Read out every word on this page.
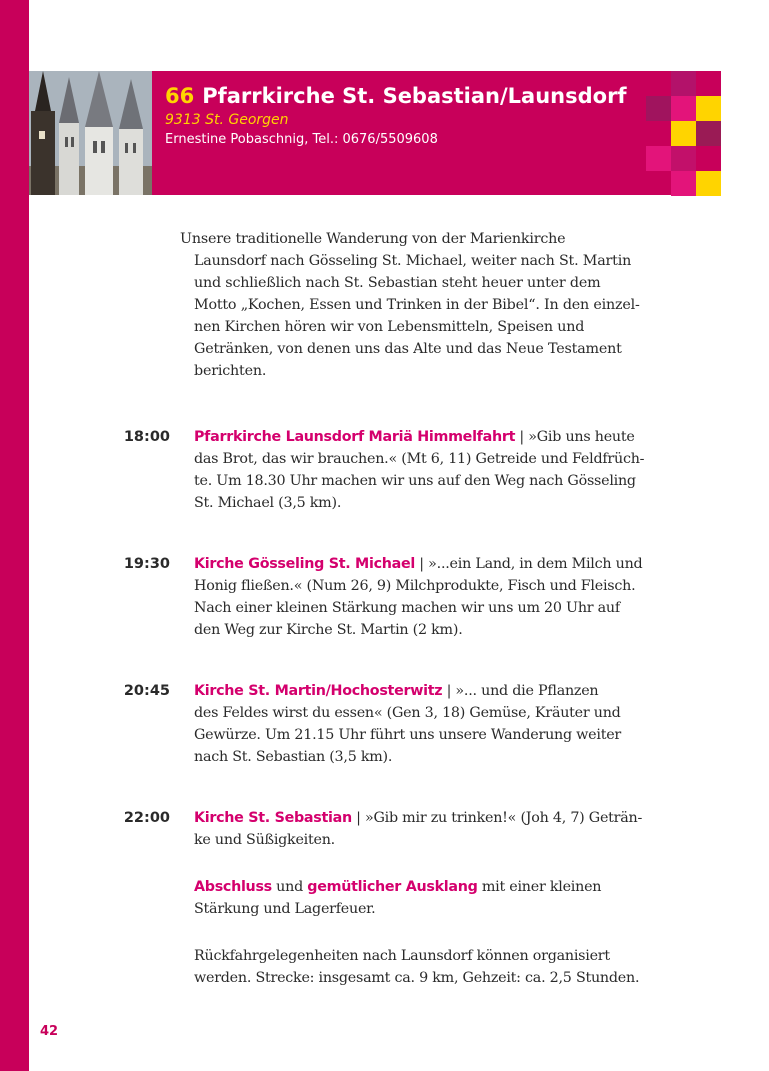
66 Pfarrkirche St. Sebastian/Launsdorf
9313 St. Georgen
Ernestine Pobaschnig, Tel.: 0676/5509608

Unsere traditionelle Wanderung von der Marienkirche
Launsdorf nach Gösseling St. Michael, weiter nach St. Martin
und schließlich nach St. Sebastian steht heuer unter dem
Motto „Kochen, Essen und Trinken in der Bibel“. In den einzel-
nen Kirchen hören wir von Lebensmitteln, Speisen und
Getränken, von denen uns das Alte und das Neue Testament
berichten.

18:00 Pfarrkirche Launsdorf Mariä Himmelfahrt | »Gib uns heute
das Brot, das wir brauchen.« (Mt 6, 11) Getreide und Feldfrüch-
te. Um 18.30 Uhr machen wir uns auf den Weg nach Gösseling
St. Michael (3,5 km).
19:30 Kirche Gösseling St. Michael | »...ein Land, in dem Milch und
Honig fließen.« (Num 26, 9) Milchprodukte, Fisch und Fleisch.
Nach einer kleinen Stärkung machen wir uns um 20 Uhr auf
den Weg zur Kirche St. Martin (2 km).
20:45 Kirche St. Martin/Hochosterwitz | »... und die Pflanzen
des Feldes wirst du essen« (Gen 3, 18) Gemüse, Kräuter und
Gewürze. Um 21.15 Uhr führt uns unsere Wanderung weiter
nach St. Sebastian (3,5 km).
22:00 Kirche St. Sebastian | »Gib mir zu trinken!« (Joh 4, 7) Geträn-
ke und Süßigkeiten.
Abschluss und gemütlicher Ausklang mit einer kleinen
Stärkung und Lagerfeuer.
Rückfahrgelegenheiten nach Launsdorf können organisiert
werden. Strecke: insgesamt ca. 9 km, Gehzeit: ca. 2,5 Stunden.
42
